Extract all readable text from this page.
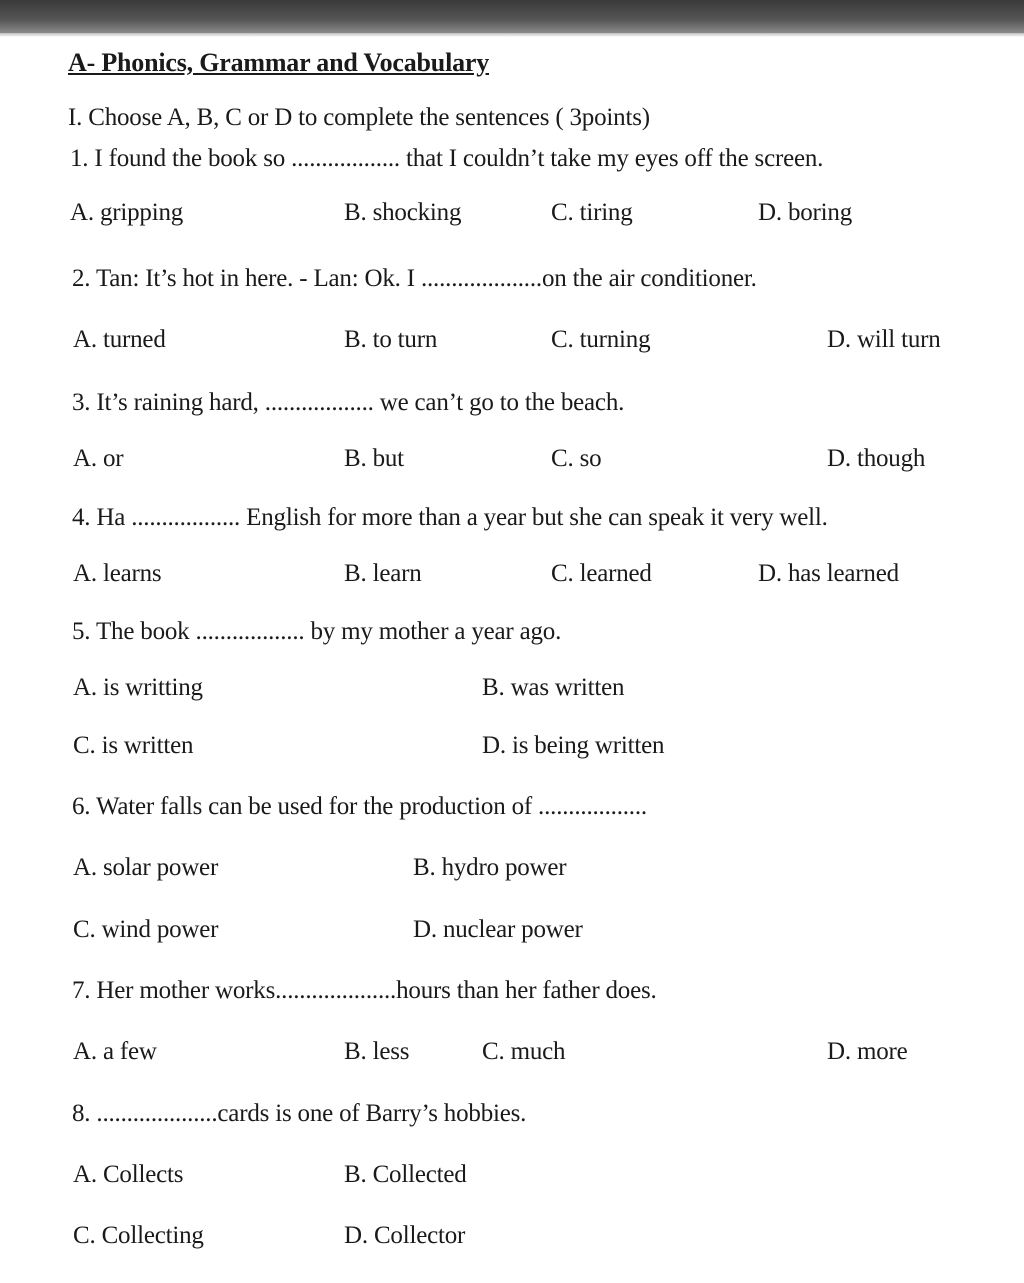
A- Phonics, Grammar and Vocabulary
I. Choose A, B, C or D to complete the sentences ( 3points)
1. I found the book so .................. that I couldn’t take my eyes off the screen.
A. gripping	B. shocking	C. tiring	D. boring
2. Tan: It’s hot in here. - Lan: Ok. I ....................on the air conditioner.
A. turned	B. to turn	C. turning	D. will turn
3. It’s raining hard, .................. we can’t go to the beach.
A. or	B. but	C. so	D. though
4. Ha .................. English for more than a year but she can speak it very well.
A. learns	B. learn	C. learned	D. has learned
5. The book .................. by my mother a year ago.
A. is writting	B. was written
C. is written	D. is being written
6. Water falls can be used for the production of ..................
A. solar power	B. hydro power
C. wind power	D. nuclear power
7. Her mother works....................hours than her father does.
A. a few	B. less	C. much	D. more
8. ....................cards is one of Barry’s hobbies.
A. Collects	B. Collected
C. Collecting	D. Collector
